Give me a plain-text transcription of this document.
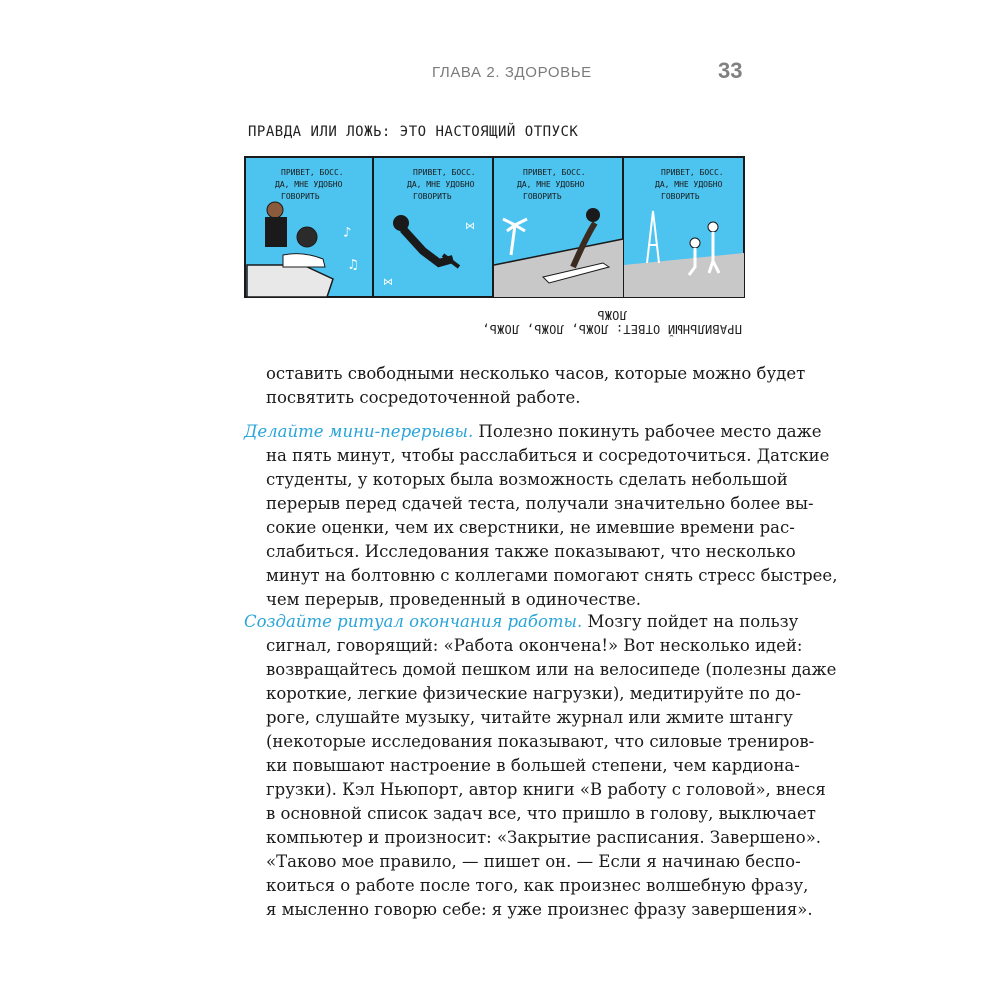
ГЛАВА 2. ЗДОРОВЬЕ	33
ПРАВДА ИЛИ ЛОЖЬ: ЭТО НАСТОЯЩИЙ ОТПУСК
ПРИВЕТ, БОСС.
ДА, МНЕ УДОБНО
ГОВОРИТЬ
♪
♫
ПРИВЕТ, БОСС.
ДА, МНЕ УДОБНО
ГОВОРИТЬ
⋈
⋈
ПРИВЕТ, БОСС.
ДА, МНЕ УДОБНО
ГОВОРИТЬ
ПРИВЕТ, БОСС.
ДА, МНЕ УДОБНО
ГОВОРИТЬ
ПРАВИЛЬНЫЙ ОТВЕТ: ЛОЖЬ, ЛОЖЬ, ЛОЖЬ, ЛОЖЬ
оставить свободными несколько часов, которые можно будет
посвятить сосредоточенной работе.
Делайте мини-перерывы. Полезно покинуть рабочее место даже
на пять минут, чтобы расслабиться и сосредоточиться. Датские
студенты, у которых была возможность сделать небольшой
перерыв перед сдачей теста, получали значительно более вы-
сокие оценки, чем их сверстники, не имевшие времени рас-
слабиться. Исследования также показывают, что несколько
минут на болтовню с коллегами помогают снять стресс быстрее,
чем перерыв, проведенный в одиночестве.
Создайте ритуал окончания работы. Мозгу пойдет на пользу
сигнал, говорящий: «Работа окончена!» Вот несколько идей:
возвращайтесь домой пешком или на велосипеде (полезны даже
короткие, легкие физические нагрузки), медитируйте по до-
роге, слушайте музыку, читайте журнал или жмите штангу
(некоторые исследования показывают, что силовые трениров-
ки повышают настроение в большей степени, чем кардиона-
грузки). Кэл Ньюпорт, автор книги «В работу с головой», внеся
в основной список задач все, что пришло в голову, выключает
компьютер и произносит: «Закрытие расписания. Завершено».
«Таково мое правило, — пишет он. — Если я начинаю беспо-
коиться о работе после того, как произнес волшебную фразу,
я мысленно говорю себе: я уже произнес фразу завершения».
